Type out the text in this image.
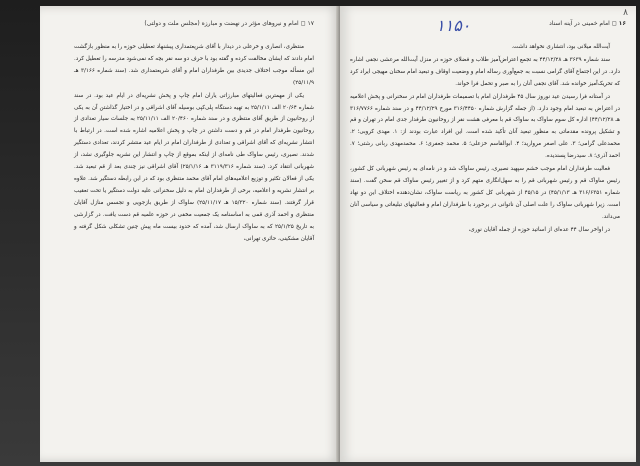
۱۷ ◻ امام و نیروهای مؤثر در نهضت و مبارزه (مجلس ملت و دولتی)

منتظری، انصاری و خرعلی در دیدار با آقای شریعتمداری پیشنهاد تعطیلی حوزه را به منظور بازگشت امام دادند که ایشان مخالفت کرده و گفته بود با حرف دو سه نفر بچه که نمی‌شود مدرسه را تعطیل کرد. این مسأله موجب اختلاف جدیدی بین طرفداران امام و آقای شریعتمداری شد. (سند شماره ۳/۱۶۶ هـ ۲۵/۱۱/۹)

یکی از مهمترین فعالیتهای مبارزاتی یاران امام چاپ و پخش نشریه‌ای در ایام عید بود. در سند شماره ۲۰/۶۴ الف ۲۵/۱/۱۱ به تهیه دستگاه پلی‌کپی بوسیله آقای اشراقی و در اختیار گذاشتن آن به یکی از روحانیون از طریق آقای منتظری و در سند شماره ۲۰/۴۶۰ الف ۲۵/۱۱/۱۱ به جلسات سیار تعدادی از روحانیون طرفدار امام در قم و دست داشتن در چاپ و پخش اعلامیه اشاره شده است. در ارتباط با انتشار نشریه‌ای که آقای اشراقی و تعدادی از طرفداران امام در ایام عید منتشر کردند، تعدادی دستگیر شدند. نصیری، رئیس ساواک طی نامه‌ای از اینکه بموقع از چاپ و انتشار این نشریه جلوگیری نشد، از شهربانی انتقاد کرد. (سند شماره ۳۱۱۹/۳۱۶ هـ ۲۵/۱/۱۶) آقای اشراقی نیز چندی بعد از قم تبعید شد. یکی از فعالان تکثیر و توزیع اعلامیه‌های امام آقای محمد منتظری بود که در این رابطه دستگیر شد. علاوه بر انتشار نشریه و اعلامیه، برخی از طرفداران امام به دلیل سخنرانی علیه دولت دستگیر یا تحت تعقیب قرار گرفتند. (سند شماره ۱۵/۳۲۰ هـ ۲۵/۱۱/۱۷) ساواک از طریق بازجویی و تجسس منازل آقایان منتظری و احمد آذری قمی به اساسنامه یک جمعیت مخفی در حوزه علمیه قم دست یافت. در گزارشی به تاریخ ۲۵/۱/۲۵ که به ساواک ارسال شد، آمده که حدود بیست ماه پیش چنین تشکلی شکل گرفته و آقایان مشکینی، حائری تهرانی،

۸
۱۶ ◻ امام خمینی در آینه اسناد
۱۱۵۰

آیت‌الله میلانی بود، انتشاری نخواهد داشت.

سند شماره ۳۶۳۹ هـ ۴۴/۱۲/۲۸ به تجمع اعتراض‌آمیز طلاب و فضلای حوزه در منزل آیت‌الله مرعشی نجفی اشاره دارد. در این اجتماع آقای گرامی نسبت به جمع‌آوری رساله امام و وضعیت اوقاف و تبعید امام سخنان مهیجی ایراد کرد که تحریک‌آمیز خوانده شد. آقای نجفی آنان را به صبر و تحمل فرا خواند.

در آستانه فرا رسیدن عید نوروز سال ۴۵ طرفداران امام با تصمیمات طرفداران امام در سخنرانی و پخش اعلامیه در اعتراض به تبعید امام وجود دارد. (از جمله گزارش شماره ۳۱۶/۴۴۵۰ مورخ ۴۴/۱۲/۲۹ و در سند شماره ۳۱۶/۷۷۶۶ هـ ۴۴/۱۲/۲۸) اداره کل سوم ساواک به ساواک قم با معرفی هشت نفر از روحانیون طرفدار جدی امام در تهران و قم و تشکیل پرونده مقدماتی به منظور تبعید آنان تأکید شده است. این افراد عبارت بودند از: ۱. مهدی کروبی؛ ۲. محمدعلی گرامی؛ ۳. علی اصغر مروارید؛ ۴. ابوالقاسم خزعلی؛ ۵. محمد جعفری؛ ۶. محمدمهدی ربانی رشتی؛ ۷. احمد آذری؛ ۸. سیدرضا پسندیده.

فعالیت طرفداران امام موجب خشم سپهبد نصیری، رئیس ساواک شد و در نامه‌ای به رئیس شهربانی کل کشور، رئیس ساواک قم و رئیس شهربانی قم را به سهل‌انگاری متهم کرد و از تغییر رئیس ساواک قم سخن گفت. (سند شماره ۳۱۶/۶۳۵۱ هـ ۴۵/۱/۱۳) در ۴۵/۱۵ از شهربانی کل کشور به ریاست ساواک، نشان‌دهنده اختلاف این دو نهاد است. زیرا شهربانی ساواک را علت اصلی آن ناتوانی در برخورد با طرفداران امام و فعالیتهای تبلیغاتی و سیاسی آنان می‌داند.

در اواخر سال ۴۴ عده‌ای از اساتید حوزه از جمله آقایان نوری،
